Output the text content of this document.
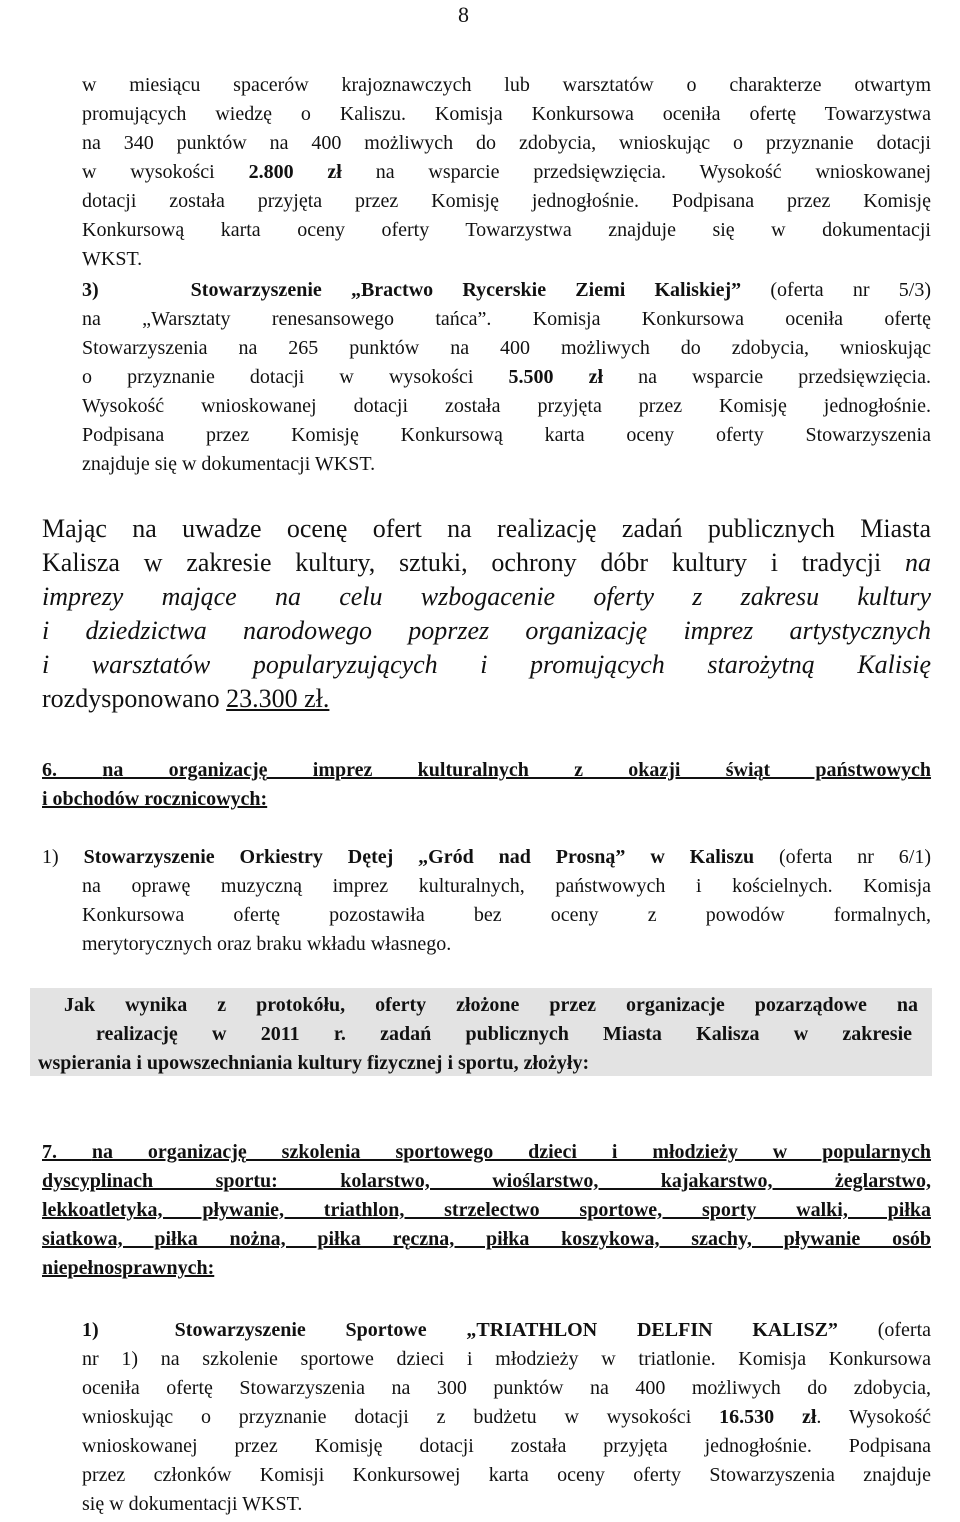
8
w miesiącu spacerów krajoznawczych lub warsztatów o charakterze otwartym
promujących wiedzę o Kaliszu. Komisja Konkursowa oceniła ofertę Towarzystwa
na 340 punktów na 400 możliwych do zdobycia, wnioskując o przyznanie dotacji
w wysokości 2.800 zł na wsparcie przedsięwzięcia. Wysokość wnioskowanej
dotacji została przyjęta przez Komisję jednogłośnie. Podpisana przez Komisję
Konkursową karta oceny oferty Towarzystwa znajduje się w dokumentacji
WKST.
3)	Stowarzyszenie „Bractwo Rycerskie Ziemi Kaliskiej” (oferta nr 5/3)
na „Warsztaty renesansowego tańca”. Komisja Konkursowa oceniła ofertę
Stowarzyszenia na 265 punktów na 400 możliwych do zdobycia, wnioskując
o przyznanie dotacji w wysokości 5.500 zł na wsparcie przedsięwzięcia.
Wysokość wnioskowanej dotacji została przyjęta przez Komisję jednogłośnie.
Podpisana przez Komisję Konkursową karta oceny oferty Stowarzyszenia
znajduje się w dokumentacji WKST.
Mając na uwadze ocenę ofert na realizację zadań publicznych Miasta
Kalisza w zakresie kultury, sztuki, ochrony dóbr kultury i tradycji na
imprezy mające na celu wzbogacenie oferty z zakresu kultury
i dziedzictwa narodowego poprzez organizację imprez artystycznych
i warsztatów popularyzujących i promujących starożytną Kalisię
rozdysponowano 23.300 zł.
6. na organizację imprez kulturalnych z okazji świąt państwowych
i obchodów rocznicowych:
1) Stowarzyszenie Orkiestry Dętej „Gród nad Prosną” w Kaliszu (oferta nr 6/1)
na oprawę muzyczną imprez kulturalnych, państwowych i kościelnych. Komisja
Konkursowa ofertę pozostawiła bez oceny z powodów formalnych,
merytorycznych oraz braku wkładu własnego.
Jak wynika z protokółu, oferty złożone przez organizacje pozarządowe na
realizację w 2011 r. zadań publicznych Miasta Kalisza w zakresie
wspierania i upowszechniania kultury fizycznej i sportu, złożyły:
7. na organizację szkolenia sportowego dzieci i młodzieży w popularnych
dyscyplinach sportu: kolarstwo, wioślarstwo, kajakarstwo, żeglarstwo,
lekkoatletyka, pływanie, triathlon, strzelectwo sportowe, sporty walki, piłka
siatkowa, piłka nożna, piłka ręczna, piłka koszykowa, szachy, pływanie osób
niepełnosprawnych:
1)	Stowarzyszenie Sportowe „TRIATHLON DELFIN KALISZ” (oferta
nr 1) na szkolenie sportowe dzieci i młodzieży w triatlonie. Komisja Konkursowa
oceniła ofertę Stowarzyszenia na 300 punktów na 400 możliwych do zdobycia,
wnioskując o przyznanie dotacji z budżetu w wysokości 16.530 zł. Wysokość
wnioskowanej przez Komisję dotacji została przyjęta jednogłośnie. Podpisana
przez członków Komisji Konkursowej karta oceny oferty Stowarzyszenia znajduje
się w dokumentacji WKST.
